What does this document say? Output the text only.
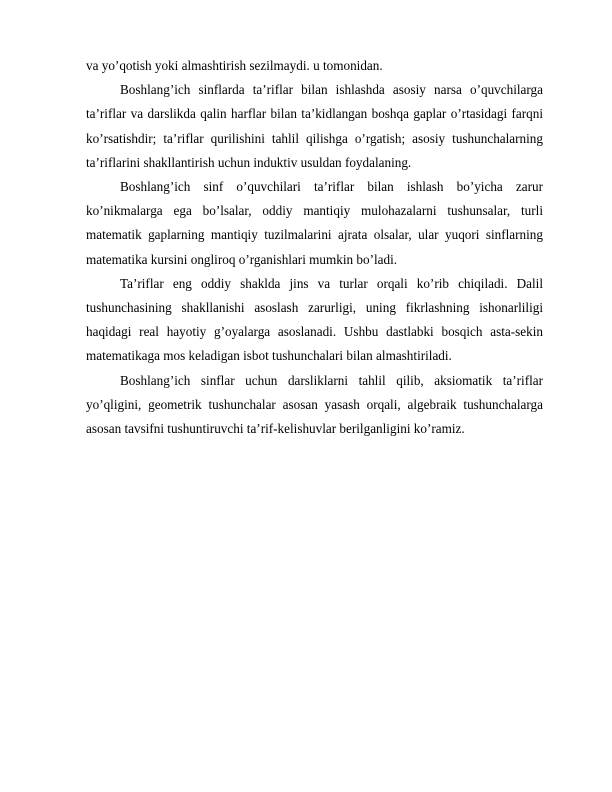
va yo’qotish yoki almashtirish sezilmaydi. u tomonidan.

Boshlang’ich sinflarda ta’riflar bilan ishlashda asosiy narsa o’quvchilarga ta’riflar va darslikda qalin harflar bilan ta’kidlangan boshqa gaplar o’rtasidagi farqni ko’rsatishdir; ta’riflar qurilishini tahlil qilishga o’rgatish; asosiy tushunchalarning ta’riflarini shakllantirish uchun induktiv usuldan foydalaning.

Boshlang’ich sinf o’quvchilari ta’riflar bilan ishlash bo’yicha zarur ko’nikmalarga ega bo’lsalar, oddiy mantiqiy mulohazalarni tushunsalar, turli matematik gaplarning mantiqiy tuzilmalarini ajrata olsalar, ular yuqori sinflarning matematika kursini ongliroq o’rganishlari mumkin bo’ladi.

Ta’riflar eng oddiy shaklda jins va turlar orqali ko’rib chiqiladi. Dalil tushunchasining shakllanishi asoslash zarurligi, uning fikrlashning ishonarliligi haqidagi real hayotiy g’oyalarga asoslanadi. Ushbu dastlabki bosqich asta-sekin matematikaga mos keladigan isbot tushunchalari bilan almashtiriladi.

Boshlang’ich sinflar uchun darsliklarni tahlil qilib, aksiomatik ta’riflar yo’qligini, geometrik tushunchalar asosan yasash orqali, algebraik tushunchalarga asosan tavsifni tushuntiruvchi ta’rif-kelishuvlar berilganligini ko’ramiz.
